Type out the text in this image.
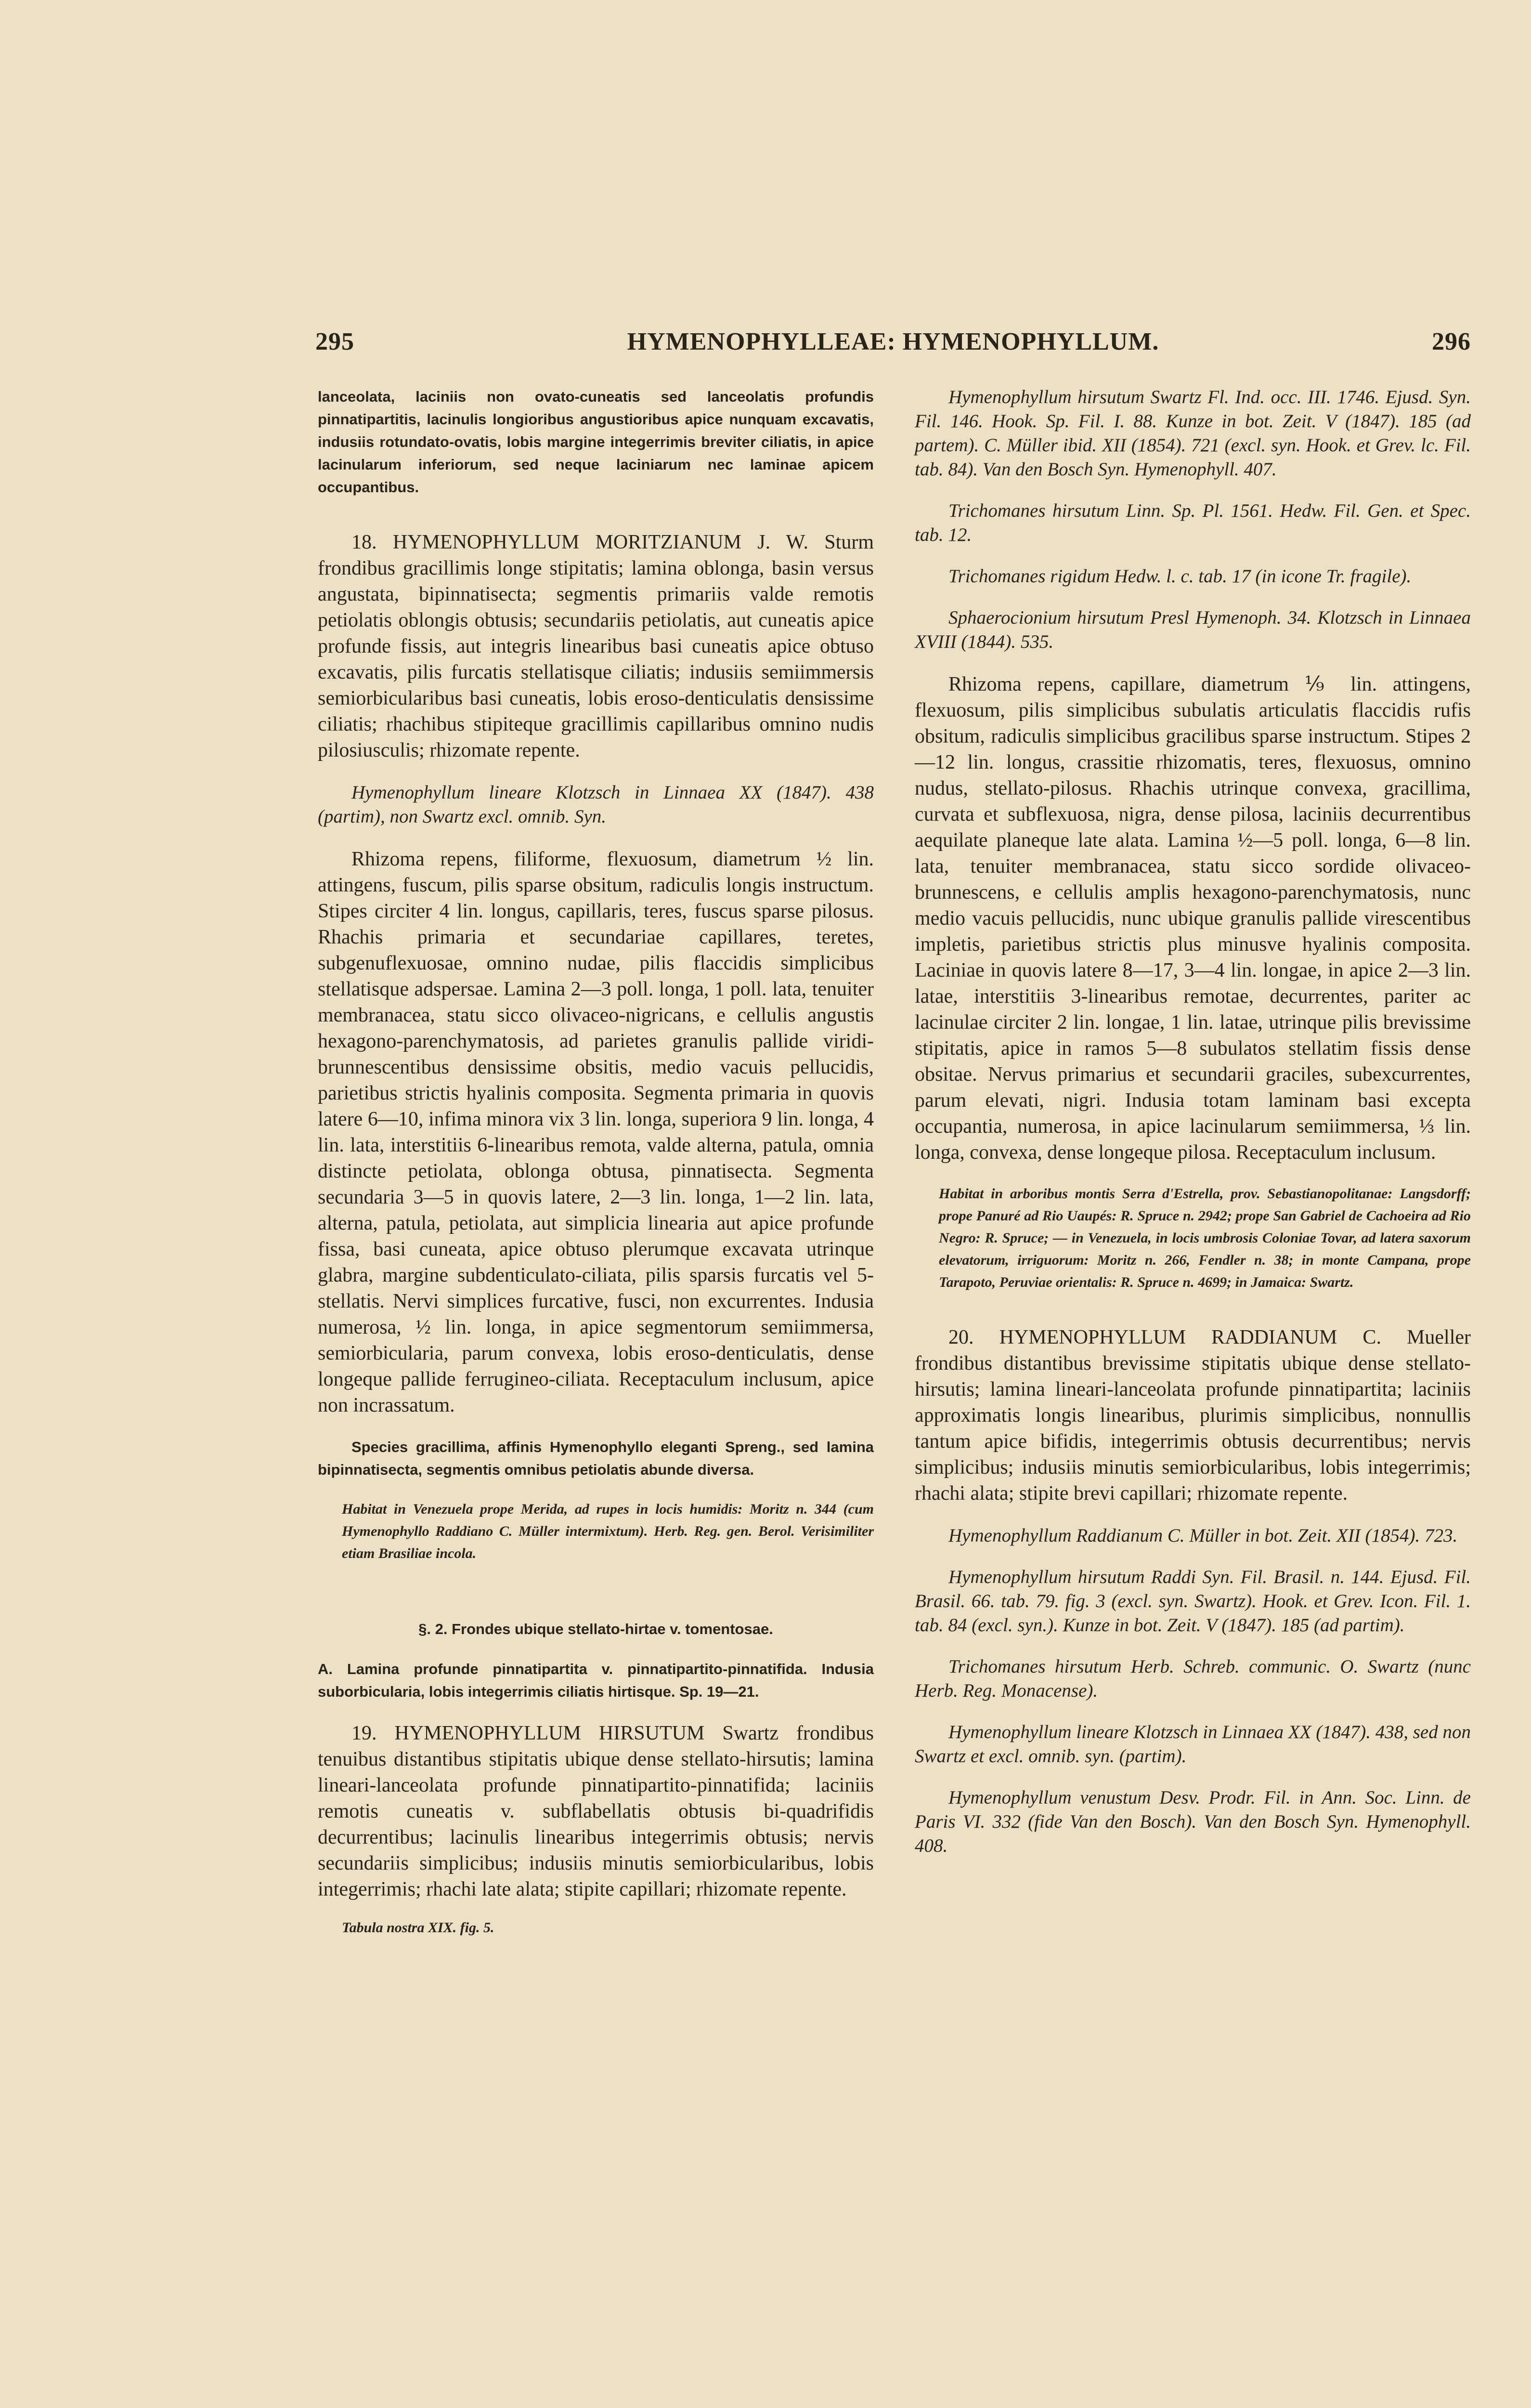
295	HYMENOPHYLLEAE: HYMENOPHYLLUM.	296

lanceolata, laciniis non ovato-cuneatis sed lanceolatis profundis pinnatipartitis, lacinulis longioribus angustioribus apice nunquam excavatis, indusiis rotundato-ovatis, lobis margine integerrimis breviter ciliatis, in apice lacinularum inferiorum, sed neque laciniarum nec laminae apicem occupantibus.

18. HYMENOPHYLLUM MORITZIANUM J. W. Sturm frondibus gracillimis longe stipitatis; lamina oblonga, basin versus angustata, bipinnatisecta; segmentis primariis valde remotis petiolatis oblongis obtusis; secundariis petiolatis, aut cuneatis apice profunde fissis, aut integris linearibus basi cuneatis apice obtuso excavatis, pilis furcatis stellatisque ciliatis; indusiis semiimmersis semiorbicularibus basi cuneatis, lobis eroso-denticulatis densissime ciliatis; rhachibus stipiteque gracillimis capillaribus omnino nudis pilosiusculis; rhizomate repente.

Hymenophyllum lineare Klotzsch in Linnaea XX (1847). 438 (partim), non Swartz excl. omnib. Syn.

Rhizoma repens, filiforme, flexuosum, diametrum ½ lin. attingens, fuscum, pilis sparse obsitum, radiculis longis instructum. Stipes circiter 4 lin. longus, capillaris, teres, fuscus sparse pilosus. Rhachis primaria et secundariae capillares, teretes, subgenuflexuosae, omnino nudae, pilis flaccidis simplicibus stellatisque adspersae. Lamina 2—3 poll. longa, 1 poll. lata, tenuiter membranacea, statu sicco olivaceo-nigricans, e cellulis angustis hexagono-parenchymatosis, ad parietes granulis pallide viridi-brunnescentibus densissime obsitis, medio vacuis pellucidis, parietibus strictis hyalinis composita. Segmenta primaria in quovis latere 6—10, infima minora vix 3 lin. longa, superiora 9 lin. longa, 4 lin. lata, interstitiis 6-linearibus remota, valde alterna, patula, omnia distincte petiolata, oblonga obtusa, pinnatisecta. Segmenta secundaria 3—5 in quovis latere, 2—3 lin. longa, 1—2 lin. lata, alterna, patula, petiolata, aut simplicia linearia aut apice profunde fissa, basi cuneata, apice obtuso plerumque excavata utrinque glabra, margine subdenticulato-ciliata, pilis sparsis furcatis vel 5-stellatis. Nervi simplices furcativе, fusci, non excurrentes. Indusia numerosa, ½ lin. longa, in apice segmentorum semiimmersa, semiorbicularia, parum convexa, lobis eroso-denticulatis, dense longeque pallide ferrugineo-ciliata. Receptaculum inclusum, apice non incrassatum.

Species gracillima, affinis Hymenophyllo eleganti Spreng., sed lamina bipinnatisecta, segmentis omnibus petiolatis abunde diversa.

Habitat in Venezuela prope Merida, ad rupes in locis humidis: Moritz n. 344 (cum Hymenophyllo Raddiano C. Müller intermixtum). Herb. Reg. gen. Berol. Verisimiliter etiam Brasiliae incola.

§. 2. Frondes ubique stellato-hirtae v. tomentosae.

A. Lamina profunde pinnatipartita v. pinnatipartito-pinnatifida. Indusia suborbicularia, lobis integerrimis ciliatis hirtisque. Sp. 19—21.

19. HYMENOPHYLLUM HIRSUTUM Swartz frondibus tenuibus distantibus stipitatis ubique dense stellato-hirsutis; lamina lineari-lanceolata profunde pinnatipartito-pinnatifida; laciniis remotis cuneatis v. subflabellatis obtusis bi-quadrifidis decurrentibus; lacinulis linearibus integerrimis obtusis; nervis secundariis simplicibus; indusiis minutis semiorbicularibus, lobis integerrimis; rhachi late alata; stipite capillari; rhizomate repente.

Tabula nostra XIX. fig. 5.

Hymenophyllum hirsutum Swartz Fl. Ind. occ. III. 1746. Ejusd. Syn. Fil. 146. Hook. Sp. Fil. I. 88. Kunze in bot. Zeit. V (1847). 185 (ad partem). C. Müller ibid. XII (1854). 721 (excl. syn. Hook. et Grev. lc. Fil. tab. 84). Van den Bosch Syn. Hymenophyll. 407.

Trichomanes hirsutum Linn. Sp. Pl. 1561. Hedw. Fil. Gen. et Spec. tab. 12.

Trichomanes rigidum Hedw. l. c. tab. 17 (in icone Tr. fragile).

Sphaerocionium hirsutum Presl Hymenoph. 34. Klotzsch in Linnaea XVIII (1844). 535.

Rhizoma repens, capillare, diametrum ⅑ lin. attingens, flexuosum, pilis simplicibus subulatis articulatis flaccidis rufis obsitum, radiculis simplicibus gracilibus sparse instructum. Stipes 2—12 lin. longus, crassitie rhizomatis, teres, flexuosus, omnino nudus, stellato-pilosus. Rhachis utrinque convexa, gracillima, curvata et subflexuosa, nigra, dense pilosa, laciniis decurrentibus aequilate planeque late alata. Lamina ½—5 poll. longa, 6—8 lin. lata, tenuiter membranacea, statu sicco sordide olivaceo-brunnescens, e cellulis amplis hexagono-parenchymatosis, nunc medio vacuis pellucidis, nunc ubique granulis pallide virescentibus impletis, parietibus strictis plus minusve hyalinis composita. Laciniae in quovis latere 8—17, 3—4 lin. longae, in apice 2—3 lin. latae, interstitiis 3-linearibus remotae, decurrentes, pariter ac lacinulae circiter 2 lin. longae, 1 lin. latae, utrinque pilis brevissime stipitatis, apice in ramos 5—8 subulatos stellatim fissis dense obsitae. Nervus primarius et secundarii graciles, subexcurrentes, parum elevati, nigri. Indusia totam laminam basi excepta occupantia, numerosa, in apice lacinularum semiimmersa, ⅓ lin. longa, convexa, dense longeque pilosa. Receptaculum inclusum.

Habitat in arboribus montis Serra d'Estrella, prov. Sebastianopolitanae: Langsdorff; prope Panuré ad Rio Uaupés: R. Spruce n. 2942; prope San Gabriel de Cachoeira ad Rio Negro: R. Spruce; — in Venezuela, in locis umbrosis Coloniae Tovar, ad latera saxorum elevatorum, irriguorum: Moritz n. 266, Fendler n. 38; in monte Campana, prope Tarapoto, Peruviae orientalis: R. Spruce n. 4699; in Jamaica: Swartz.

20. HYMENOPHYLLUM RADDIANUM C. Mueller frondibus distantibus brevissime stipitatis ubique dense stellato-hirsutis; lamina lineari-lanceolata profunde pinnatipartita; laciniis approximatis longis linearibus, plurimis simplicibus, nonnullis tantum apice bifidis, integerrimis obtusis decurrentibus; nervis simplicibus; indusiis minutis semiorbicularibus, lobis integerrimis; rhachi alata; stipite brevi capillari; rhizomate repente.

Hymenophyllum Raddianum C. Müller in bot. Zeit. XII (1854). 723.

Hymenophyllum hirsutum Raddi Syn. Fil. Brasil. n. 144. Ejusd. Fil. Brasil. 66. tab. 79. fig. 3 (excl. syn. Swartz). Hook. et Grev. Icon. Fil. 1. tab. 84 (excl. syn.). Kunze in bot. Zeit. V (1847). 185 (ad partim).

Trichomanes hirsutum Herb. Schreb. communic. O. Swartz (nunc Herb. Reg. Monacense).

Hymenophyllum lineare Klotzsch in Linnaea XX (1847). 438, sed non Swartz et excl. omnib. syn. (partim).

Hymenophyllum venustum Desv. Prodr. Fil. in Ann. Soc. Linn. de Paris VI. 332 (fide Van den Bosch). Van den Bosch Syn. Hymenophyll. 408.
